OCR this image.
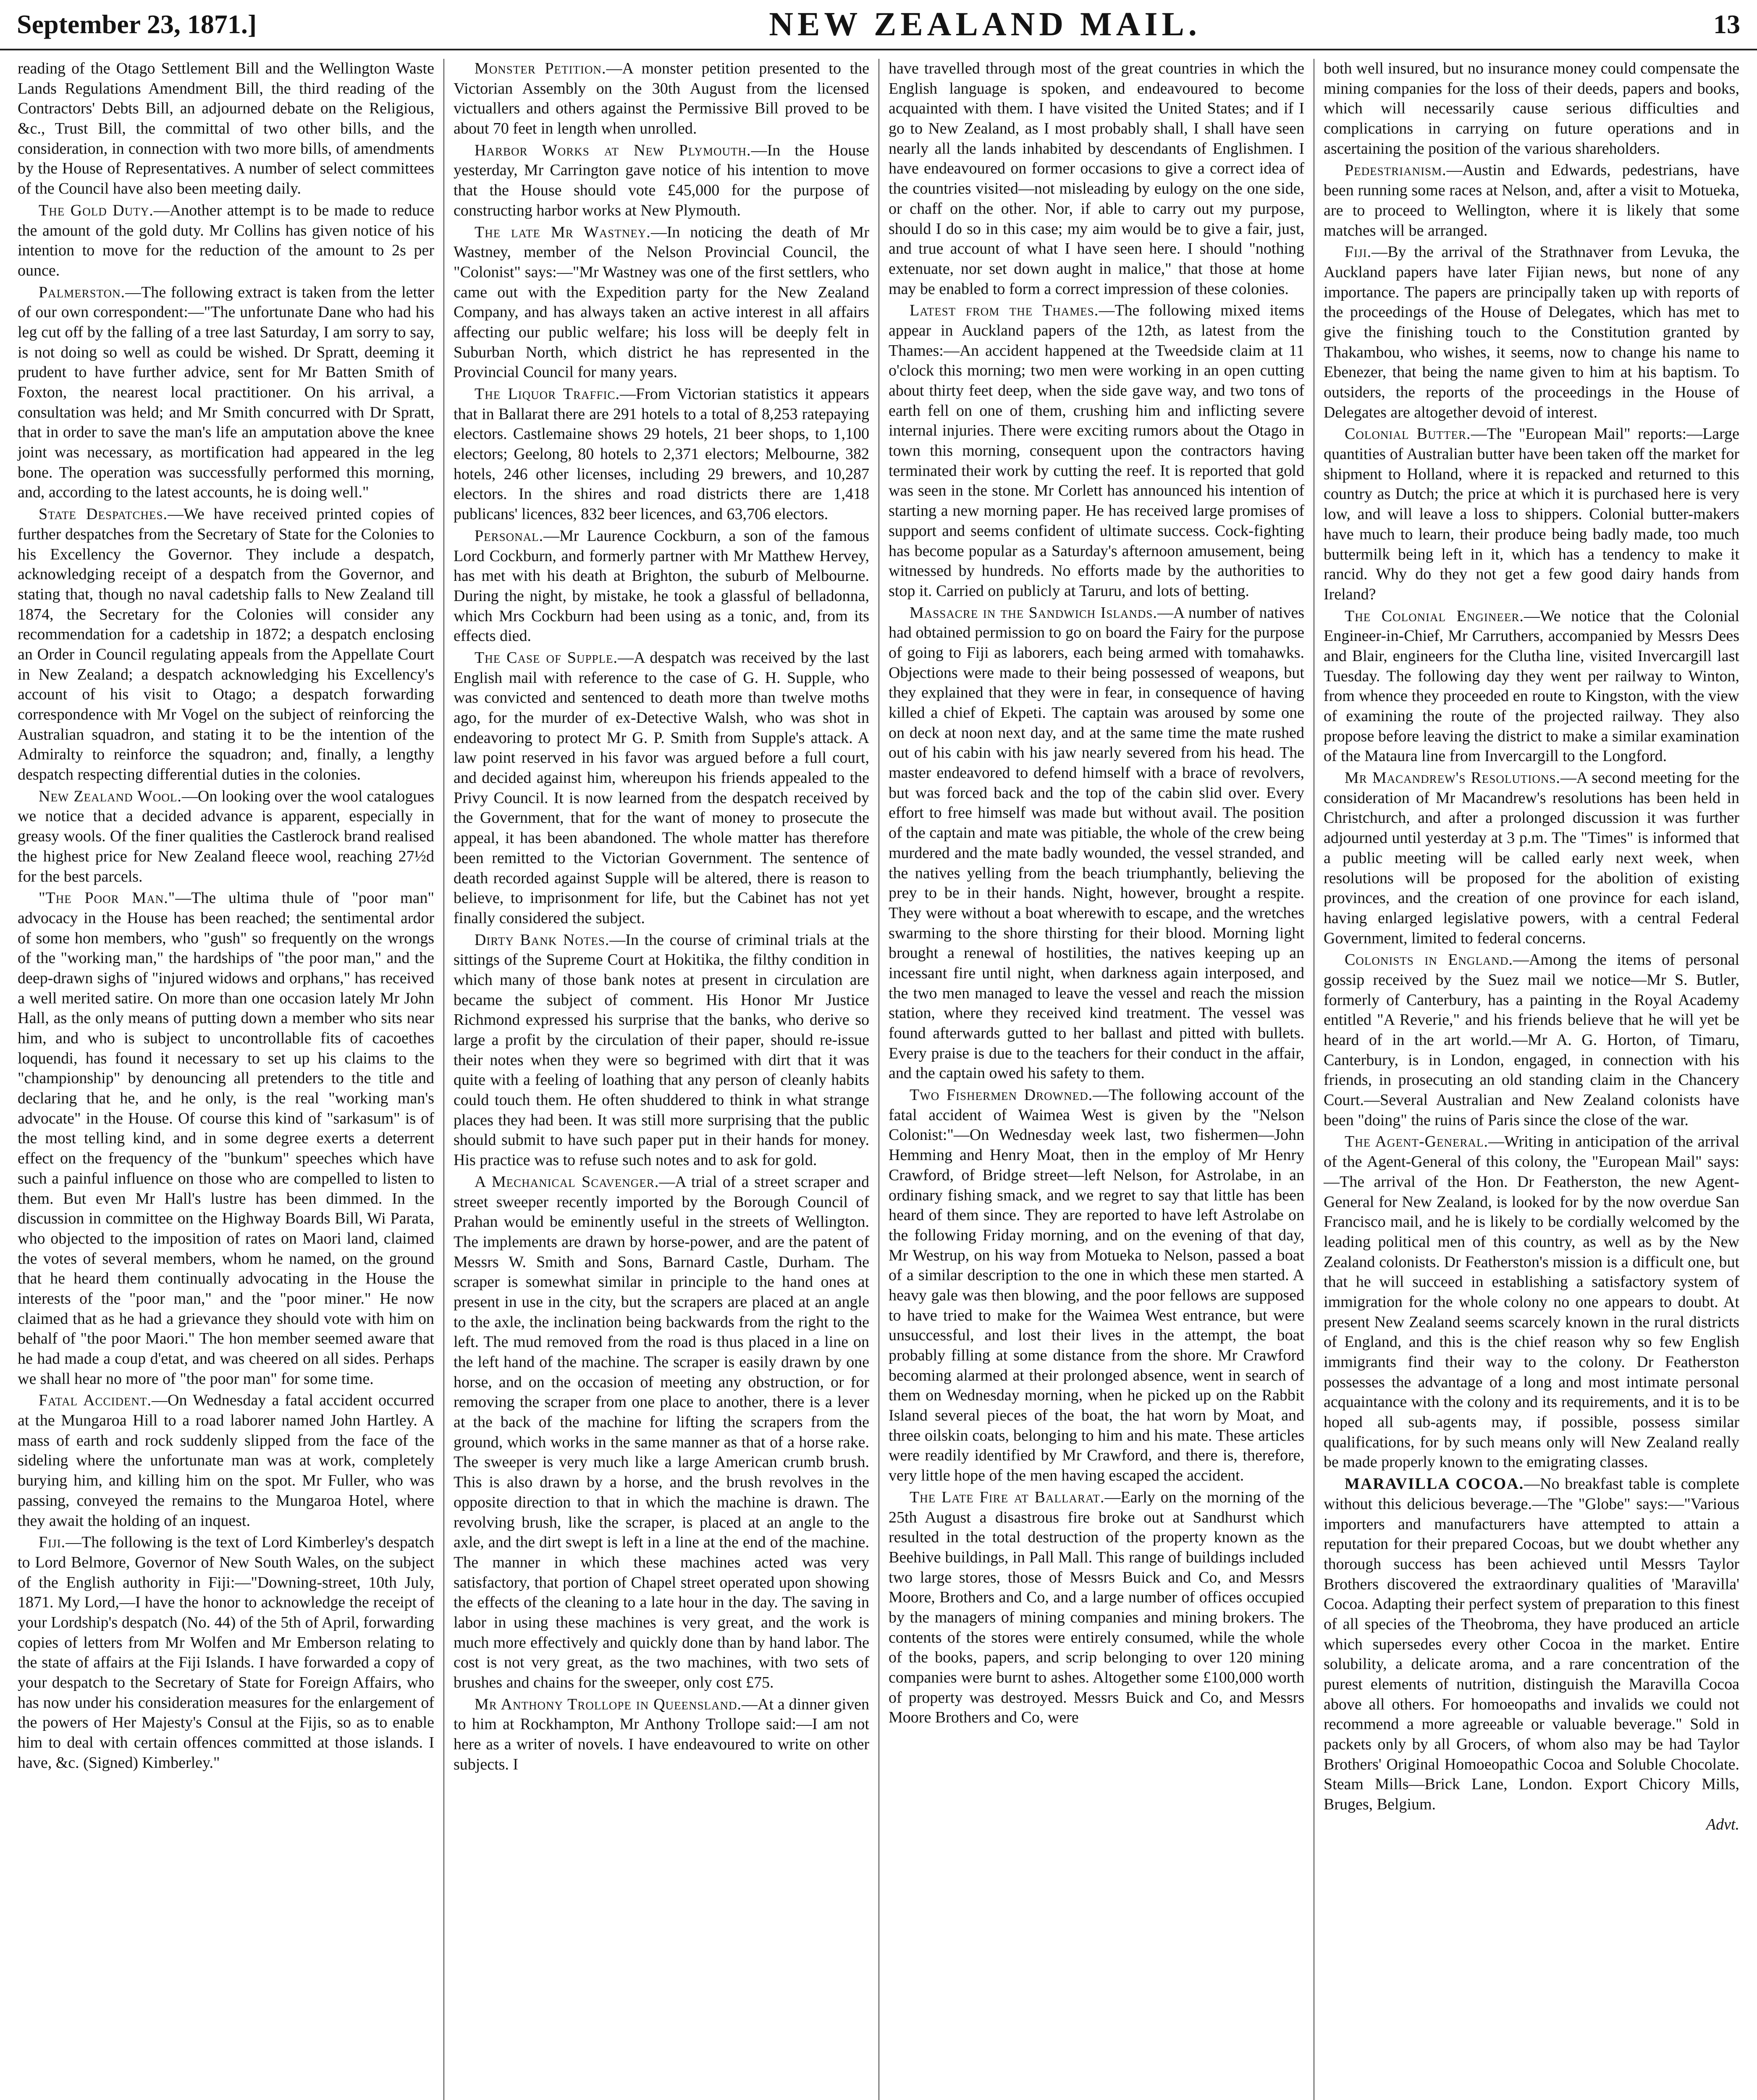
September 23, 1871.]	NEW ZEALAND MAIL.	13

reading of the Otago Settlement Bill and the Wellington Waste Lands Regulations Amendment Bill, the third reading of the Contractors' Debts Bill, an adjourned debate on the Religious, &c., Trust Bill, the committal of two other bills, and the consideration, in connection with two more bills, of amendments by the House of Representatives. A number of select committees of the Council have also been meeting daily.

The Gold Duty.—Another attempt is to be made to reduce the amount of the gold duty. Mr Collins has given notice of his intention to move for the reduction of the amount to 2s per ounce.

Palmerston.—The following extract is taken from the letter of our own correspondent:—"The unfortunate Dane who had his leg cut off by the falling of a tree last Saturday, I am sorry to say, is not doing so well as could be wished. Dr Spratt, deeming it prudent to have further advice, sent for Mr Batten Smith of Foxton, the nearest local practitioner. On his arrival, a consultation was held; and Mr Smith concurred with Dr Spratt, that in order to save the man's life an amputation above the knee joint was necessary, as mortification had appeared in the leg bone. The operation was successfully performed this morning, and, according to the latest accounts, he is doing well."

State Despatches.—We have received printed copies of further despatches from the Secretary of State for the Colonies to his Excellency the Governor. They include a despatch, acknowledging receipt of a despatch from the Governor, and stating that, though no naval cadetship falls to New Zealand till 1874, the Secretary for the Colonies will consider any recommendation for a cadetship in 1872; a despatch enclosing an Order in Council regulating appeals from the Appellate Court in New Zealand; a despatch acknowledging his Excellency's account of his visit to Otago; a despatch forwarding correspondence with Mr Vogel on the subject of reinforcing the Australian squadron, and stating it to be the intention of the Admiralty to reinforce the squadron; and, finally, a lengthy despatch respecting differential duties in the colonies.

New Zealand Wool.—On looking over the wool catalogues we notice that a decided advance is apparent, especially in greasy wools. Of the finer qualities the Castlerock brand realised the highest price for New Zealand fleece wool, reaching 27½d for the best parcels.

"The Poor Man."—The ultima thule of "poor man" advocacy in the House has been reached; the sentimental ardor of some hon members, who "gush" so frequently on the wrongs of the "working man," the hardships of "the poor man," and the deep-drawn sighs of "injured widows and orphans," has received a well merited satire. On more than one occasion lately Mr John Hall, as the only means of putting down a member who sits near him, and who is subject to uncontrollable fits of cacoethes loquendi, has found it necessary to set up his claims to the "championship" by denouncing all pretenders to the title and declaring that he, and he only, is the real "working man's advocate" in the House. Of course this kind of "sarkasum" is of the most telling kind, and in some degree exerts a deterrent effect on the frequency of the "bunkum" speeches which have such a painful influence on those who are compelled to listen to them. But even Mr Hall's lustre has been dimmed. In the discussion in committee on the Highway Boards Bill, Wi Parata, who objected to the imposition of rates on Maori land, claimed the votes of several members, whom he named, on the ground that he heard them continually advocating in the House the interests of the "poor man," and the "poor miner." He now claimed that as he had a grievance they should vote with him on behalf of "the poor Maori." The hon member seemed aware that he had made a coup d'etat, and was cheered on all sides. Perhaps we shall hear no more of "the poor man" for some time.

Fatal Accident.—On Wednesday a fatal accident occurred at the Mungaroa Hill to a road laborer named John Hartley. A mass of earth and rock suddenly slipped from the face of the sideling where the unfortunate man was at work, completely burying him, and killing him on the spot. Mr Fuller, who was passing, conveyed the remains to the Mungaroa Hotel, where they await the holding of an inquest.

Fiji.—The following is the text of Lord Kimberley's despatch to Lord Belmore, Governor of New South Wales, on the subject of the English authority in Fiji:—"Downing-street, 10th July, 1871. My Lord,—I have the honor to acknowledge the receipt of your Lordship's despatch (No. 44) of the 5th of April, forwarding copies of letters from Mr Wolfen and Mr Emberson relating to the state of affairs at the Fiji Islands. I have forwarded a copy of your despatch to the Secretary of State for Foreign Affairs, who has now under his consideration measures for the enlargement of the powers of Her Majesty's Consul at the Fijis, so as to enable him to deal with certain offences committed at those islands. I have, &c. (Signed) Kimberley."

Monster Petition.—A monster petition presented to the Victorian Assembly on the 30th August from the licensed victuallers and others against the Permissive Bill proved to be about 70 feet in length when unrolled.

Harbor Works at New Plymouth.—In the House yesterday, Mr Carrington gave notice of his intention to move that the House should vote £45,000 for the purpose of constructing harbor works at New Plymouth.

The late Mr Wastney.—In noticing the death of Mr Wastney, member of the Nelson Provincial Council, the "Colonist" says:—"Mr Wastney was one of the first settlers, who came out with the Expedition party for the New Zealand Company, and has always taken an active interest in all affairs affecting our public welfare; his loss will be deeply felt in Suburban North, which district he has represented in the Provincial Council for many years.

The Liquor Traffic.—From Victorian statistics it appears that in Ballarat there are 291 hotels to a total of 8,253 ratepaying electors. Castlemaine shows 29 hotels, 21 beer shops, to 1,100 electors; Geelong, 80 hotels to 2,371 electors; Melbourne, 382 hotels, 246 other licenses, including 29 brewers, and 10,287 electors. In the shires and road districts there are 1,418 publicans' licences, 832 beer licences, and 63,706 electors.

Personal.—Mr Laurence Cockburn, a son of the famous Lord Cockburn, and formerly partner with Mr Matthew Hervey, has met with his death at Brighton, the suburb of Melbourne. During the night, by mistake, he took a glassful of belladonna, which Mrs Cockburn had been using as a tonic, and, from its effects died.

The Case of Supple.—A despatch was received by the last English mail with reference to the case of G. H. Supple, who was convicted and sentenced to death more than twelve moths ago, for the murder of ex-Detective Walsh, who was shot in endeavoring to protect Mr G. P. Smith from Supple's attack. A law point reserved in his favor was argued before a full court, and decided against him, whereupon his friends appealed to the Privy Council. It is now learned from the despatch received by the Government, that for the want of money to prosecute the appeal, it has been abandoned. The whole matter has therefore been remitted to the Victorian Government. The sentence of death recorded against Supple will be altered, there is reason to believe, to imprisonment for life, but the Cabinet has not yet finally considered the subject.

Dirty Bank Notes.—In the course of criminal trials at the sittings of the Supreme Court at Hokitika, the filthy condition in which many of those bank notes at present in circulation are became the subject of comment. His Honor Mr Justice Richmond expressed his surprise that the banks, who derive so large a profit by the circulation of their paper, should re-issue their notes when they were so begrimed with dirt that it was quite with a feeling of loathing that any person of cleanly habits could touch them. He often shuddered to think in what strange places they had been. It was still more surprising that the public should submit to have such paper put in their hands for money. His practice was to refuse such notes and to ask for gold.

A Mechanical Scavenger.—A trial of a street scraper and street sweeper recently imported by the Borough Council of Prahan would be eminently useful in the streets of Wellington. The implements are drawn by horse-power, and are the patent of Messrs W. Smith and Sons, Barnard Castle, Durham. The scraper is somewhat similar in principle to the hand ones at present in use in the city, but the scrapers are placed at an angle to the axle, the inclination being backwards from the right to the left. The mud removed from the road is thus placed in a line on the left hand of the machine. The scraper is easily drawn by one horse, and on the occasion of meeting any obstruction, or for removing the scraper from one place to another, there is a lever at the back of the machine for lifting the scrapers from the ground, which works in the same manner as that of a horse rake. The sweeper is very much like a large American crumb brush. This is also drawn by a horse, and the brush revolves in the opposite direction to that in which the machine is drawn. The revolving brush, like the scraper, is placed at an angle to the axle, and the dirt swept is left in a line at the end of the machine. The manner in which these machines acted was very satisfactory, that portion of Chapel street operated upon showing the effects of the cleaning to a late hour in the day. The saving in labor in using these machines is very great, and the work is much more effectively and quickly done than by hand labor. The cost is not very great, as the two machines, with two sets of brushes and chains for the sweeper, only cost £75.

Mr Anthony Trollope in Queensland.—At a dinner given to him at Rockhampton, Mr Anthony Trollope said:—I am not here as a writer of novels. I have endeavoured to write on other subjects. I

have travelled through most of the great countries in which the English language is spoken, and endeavoured to become acquainted with them. I have visited the United States; and if I go to New Zealand, as I most probably shall, I shall have seen nearly all the lands inhabited by descendants of Englishmen. I have endeavoured on former occasions to give a correct idea of the countries visited—not misleading by eulogy on the one side, or chaff on the other. Nor, if able to carry out my purpose, should I do so in this case; my aim would be to give a fair, just, and true account of what I have seen here. I should "nothing extenuate, nor set down aught in malice," that those at home may be enabled to form a correct impression of these colonies.

Latest from the Thames.—The following mixed items appear in Auckland papers of the 12th, as latest from the Thames:—An accident happened at the Tweedside claim at 11 o'clock this morning; two men were working in an open cutting about thirty feet deep, when the side gave way, and two tons of earth fell on one of them, crushing him and inflicting severe internal injuries. There were exciting rumors about the Otago in town this morning, consequent upon the contractors having terminated their work by cutting the reef. It is reported that gold was seen in the stone. Mr Corlett has announced his intention of starting a new morning paper. He has received large promises of support and seems confident of ultimate success. Cock-fighting has become popular as a Saturday's afternoon amusement, being witnessed by hundreds. No efforts made by the authorities to stop it. Carried on publicly at Taruru, and lots of betting.

Massacre in the Sandwich Islands.—A number of natives had obtained permission to go on board the Fairy for the purpose of going to Fiji as laborers, each being armed with tomahawks. Objections were made to their being possessed of weapons, but they explained that they were in fear, in consequence of having killed a chief of Ekpeti. The captain was aroused by some one on deck at noon next day, and at the same time the mate rushed out of his cabin with his jaw nearly severed from his head. The master endeavored to defend himself with a brace of revolvers, but was forced back and the top of the cabin slid over. Every effort to free himself was made but without avail. The position of the captain and mate was pitiable, the whole of the crew being murdered and the mate badly wounded, the vessel stranded, and the natives yelling from the beach triumphantly, believing the prey to be in their hands. Night, however, brought a respite. They were without a boat wherewith to escape, and the wretches swarming to the shore thirsting for their blood. Morning light brought a renewal of hostilities, the natives keeping up an incessant fire until night, when darkness again interposed, and the two men managed to leave the vessel and reach the mission station, where they received kind treatment. The vessel was found afterwards gutted to her ballast and pitted with bullets. Every praise is due to the teachers for their conduct in the affair, and the captain owed his safety to them.

Two Fishermen Drowned.—The following account of the fatal accident of Waimea West is given by the "Nelson Colonist:"—On Wednesday week last, two fishermen—John Hemming and Henry Moat, then in the employ of Mr Henry Crawford, of Bridge street—left Nelson, for Astrolabe, in an ordinary fishing smack, and we regret to say that little has been heard of them since. They are reported to have left Astrolabe on the following Friday morning, and on the evening of that day, Mr Westrup, on his way from Motueka to Nelson, passed a boat of a similar description to the one in which these men started. A heavy gale was then blowing, and the poor fellows are supposed to have tried to make for the Waimea West entrance, but were unsuccessful, and lost their lives in the attempt, the boat probably filling at some distance from the shore. Mr Crawford becoming alarmed at their prolonged absence, went in search of them on Wednesday morning, when he picked up on the Rabbit Island several pieces of the boat, the hat worn by Moat, and three oilskin coats, belonging to him and his mate. These articles were readily identified by Mr Crawford, and there is, therefore, very little hope of the men having escaped the accident.

The Late Fire at Ballarat.—Early on the morning of the 25th August a disastrous fire broke out at Sandhurst which resulted in the total destruction of the property known as the Beehive buildings, in Pall Mall. This range of buildings included two large stores, those of Messrs Buick and Co, and Messrs Moore, Brothers and Co, and a large number of offices occupied by the managers of mining companies and mining brokers. The contents of the stores were entirely consumed, while the whole of the books, papers, and scrip belonging to over 120 mining companies were burnt to ashes. Altogether some £100,000 worth of property was destroyed. Messrs Buick and Co, and Messrs Moore Brothers and Co, were

both well insured, but no insurance money could compensate the mining companies for the loss of their deeds, papers and books, which will necessarily cause serious difficulties and complications in carrying on future operations and in ascertaining the position of the various shareholders.

Pedestrianism.—Austin and Edwards, pedestrians, have been running some races at Nelson, and, after a visit to Motueka, are to proceed to Wellington, where it is likely that some matches will be arranged.

Fiji.—By the arrival of the Strathnaver from Levuka, the Auckland papers have later Fijian news, but none of any importance. The papers are principally taken up with reports of the proceedings of the House of Delegates, which has met to give the finishing touch to the Constitution granted by Thakambou, who wishes, it seems, now to change his name to Ebenezer, that being the name given to him at his baptism. To outsiders, the reports of the proceedings in the House of Delegates are altogether devoid of interest.

Colonial Butter.—The "European Mail" reports:—Large quantities of Australian butter have been taken off the market for shipment to Holland, where it is repacked and returned to this country as Dutch; the price at which it is purchased here is very low, and will leave a loss to shippers. Colonial butter-makers have much to learn, their produce being badly made, too much buttermilk being left in it, which has a tendency to make it rancid. Why do they not get a few good dairy hands from Ireland?

The Colonial Engineer.—We notice that the Colonial Engineer-in-Chief, Mr Carruthers, accompanied by Messrs Dees and Blair, engineers for the Clutha line, visited Invercargill last Tuesday. The following day they went per railway to Winton, from whence they proceeded en route to Kingston, with the view of examining the route of the projected railway. They also propose before leaving the district to make a similar examination of the Mataura line from Invercargill to the Longford.

Mr Macandrew's Resolutions.—A second meeting for the consideration of Mr Macandrew's resolutions has been held in Christchurch, and after a prolonged discussion it was further adjourned until yesterday at 3 p.m. The "Times" is informed that a public meeting will be called early next week, when resolutions will be proposed for the abolition of existing provinces, and the creation of one province for each island, having enlarged legislative powers, with a central Federal Government, limited to federal concerns.

Colonists in England.—Among the items of personal gossip received by the Suez mail we notice—Mr S. Butler, formerly of Canterbury, has a painting in the Royal Academy entitled "A Reverie," and his friends believe that he will yet be heard of in the art world.—Mr A. G. Horton, of Timaru, Canterbury, is in London, engaged, in connection with his friends, in prosecuting an old standing claim in the Chancery Court.—Several Australian and New Zealand colonists have been "doing" the ruins of Paris since the close of the war.

The Agent-General.—Writing in anticipation of the arrival of the Agent-General of this colony, the "European Mail" says:—The arrival of the Hon. Dr Featherston, the new Agent-General for New Zealand, is looked for by the now overdue San Francisco mail, and he is likely to be cordially welcomed by the leading political men of this country, as well as by the New Zealand colonists. Dr Featherston's mission is a difficult one, but that he will succeed in establishing a satisfactory system of immigration for the whole colony no one appears to doubt. At present New Zealand seems scarcely known in the rural districts of England, and this is the chief reason why so few English immigrants find their way to the colony. Dr Featherston possesses the advantage of a long and most intimate personal acquaintance with the colony and its requirements, and it is to be hoped all sub-agents may, if possible, possess similar qualifications, for by such means only will New Zealand really be made properly known to the emigrating classes.

MARAVILLA COCOA.—No breakfast table is complete without this delicious beverage.—The "Globe" says:—"Various importers and manufacturers have attempted to attain a reputation for their prepared Cocoas, but we doubt whether any thorough success has been achieved until Messrs Taylor Brothers discovered the extraordinary qualities of 'Maravilla' Cocoa. Adapting their perfect system of preparation to this finest of all species of the Theobroma, they have produced an article which supersedes every other Cocoa in the market. Entire solubility, a delicate aroma, and a rare concentration of the purest elements of nutrition, distinguish the Maravilla Cocoa above all others. For homoeopaths and invalids we could not recommend a more agreeable or valuable beverage." Sold in packets only by all Grocers, of whom also may be had Taylor Brothers' Original Homoeopathic Cocoa and Soluble Chocolate. Steam Mills—Brick Lane, London. Export Chicory Mills, Bruges, Belgium.

Advt.
